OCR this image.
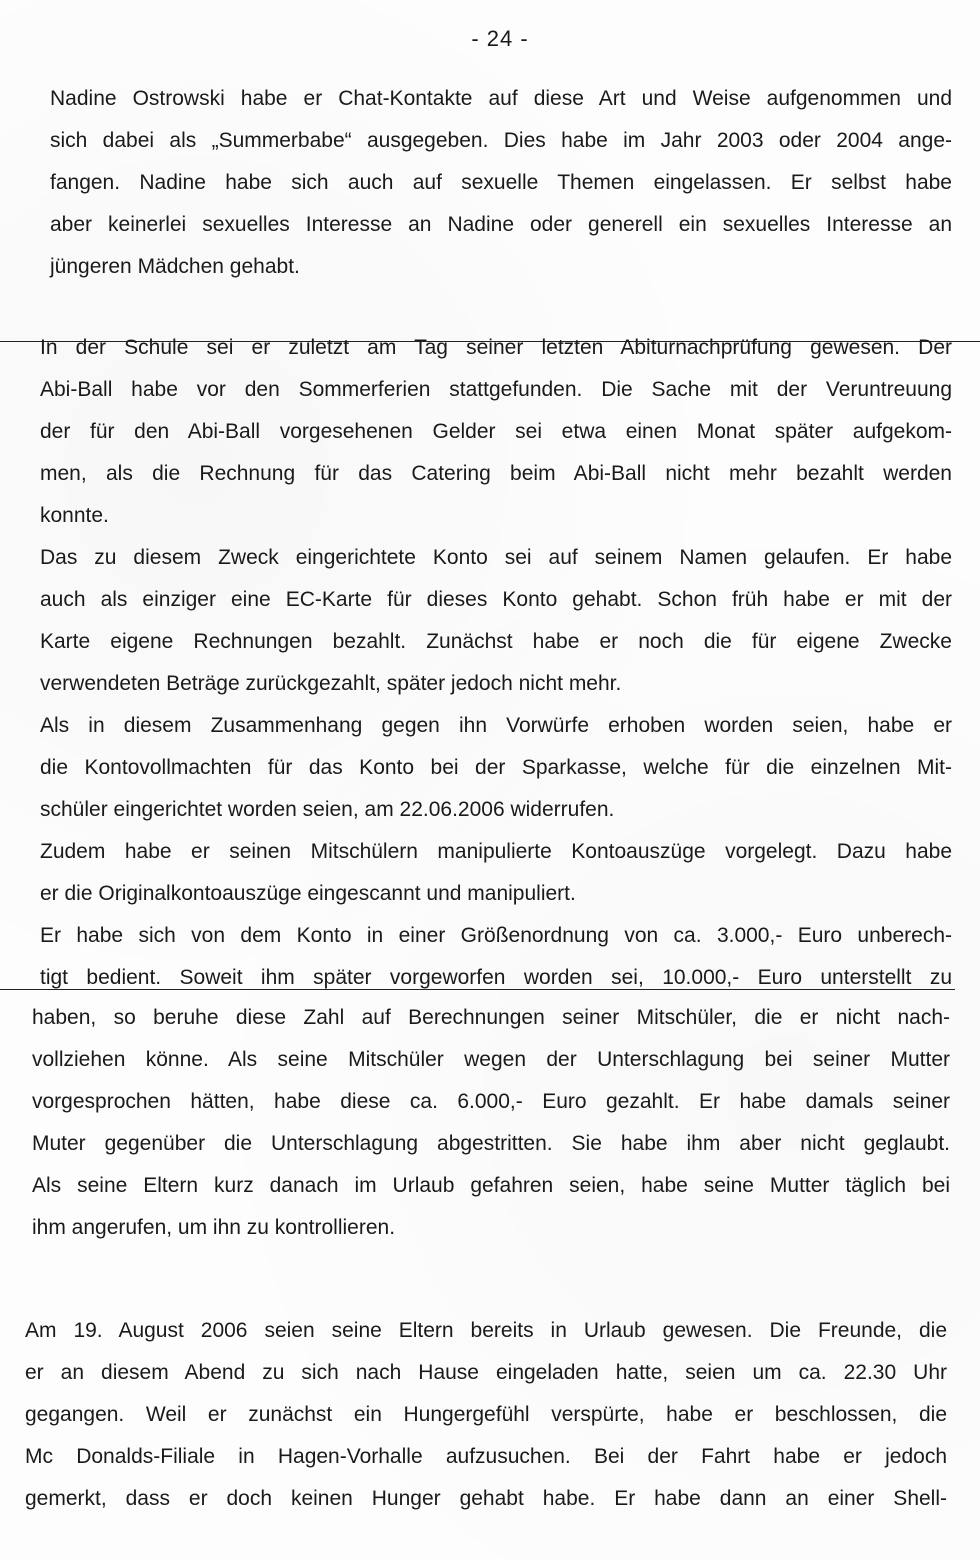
- 24 -
Nadine Ostrowski habe er Chat-Kontakte auf diese Art und Weise aufgenommen und
sich dabei als „Summerbabe“ ausgegeben. Dies habe im Jahr 2003 oder 2004 ange-
fangen. Nadine habe sich auch auf sexuelle Themen eingelassen. Er selbst habe
aber keinerlei sexuelles Interesse an Nadine oder generell ein sexuelles Interesse an
jüngeren Mädchen gehabt.
In der Schule sei er zuletzt am Tag seiner letzten Abiturnachprüfung gewesen. Der
Abi-Ball habe vor den Sommerferien stattgefunden. Die Sache mit der Veruntreuung
der für den Abi-Ball vorgesehenen Gelder sei etwa einen Monat später aufgekom-
men, als die Rechnung für das Catering beim Abi-Ball nicht mehr bezahlt werden
konnte.
Das zu diesem Zweck eingerichtete Konto sei auf seinem Namen gelaufen. Er habe
auch als einziger eine EC-Karte für dieses Konto gehabt. Schon früh habe er mit der
Karte eigene Rechnungen bezahlt. Zunächst habe er noch die für eigene Zwecke
verwendeten Beträge zurückgezahlt, später jedoch nicht mehr.
Als in diesem Zusammenhang gegen ihn Vorwürfe erhoben worden seien, habe er
die Kontovollmachten für das Konto bei der Sparkasse, welche für die einzelnen Mit-
schüler eingerichtet worden seien, am 22.06.2006 widerrufen.
Zudem habe er seinen Mitschülern manipulierte Kontoauszüge vorgelegt. Dazu habe
er die Originalkontoauszüge eingescannt und manipuliert.
Er habe sich von dem Konto in einer Größenordnung von ca. 3.000,- Euro unberech-
tigt bedient. Soweit ihm später vorgeworfen worden sei, 10.000,- Euro unterstellt zu
haben, so beruhe diese Zahl auf Berechnungen seiner Mitschüler, die er nicht nach-
vollziehen könne. Als seine Mitschüler wegen der Unterschlagung bei seiner Mutter
vorgesprochen hätten, habe diese ca. 6.000,- Euro gezahlt. Er habe damals seiner
Muter gegenüber die Unterschlagung abgestritten. Sie habe ihm aber nicht geglaubt.
Als seine Eltern kurz danach im Urlaub gefahren seien, habe seine Mutter täglich bei
ihm angerufen, um ihn zu kontrollieren.
Am 19. August 2006 seien seine Eltern bereits in Urlaub gewesen. Die Freunde, die
er an diesem Abend zu sich nach Hause eingeladen hatte, seien um ca. 22.30 Uhr
gegangen. Weil er zunächst ein Hungergefühl verspürte, habe er beschlossen, die
Mc Donalds-Filiale in Hagen-Vorhalle aufzusuchen. Bei der Fahrt habe er jedoch
gemerkt, dass er doch keinen Hunger gehabt habe. Er habe dann an einer Shell-
